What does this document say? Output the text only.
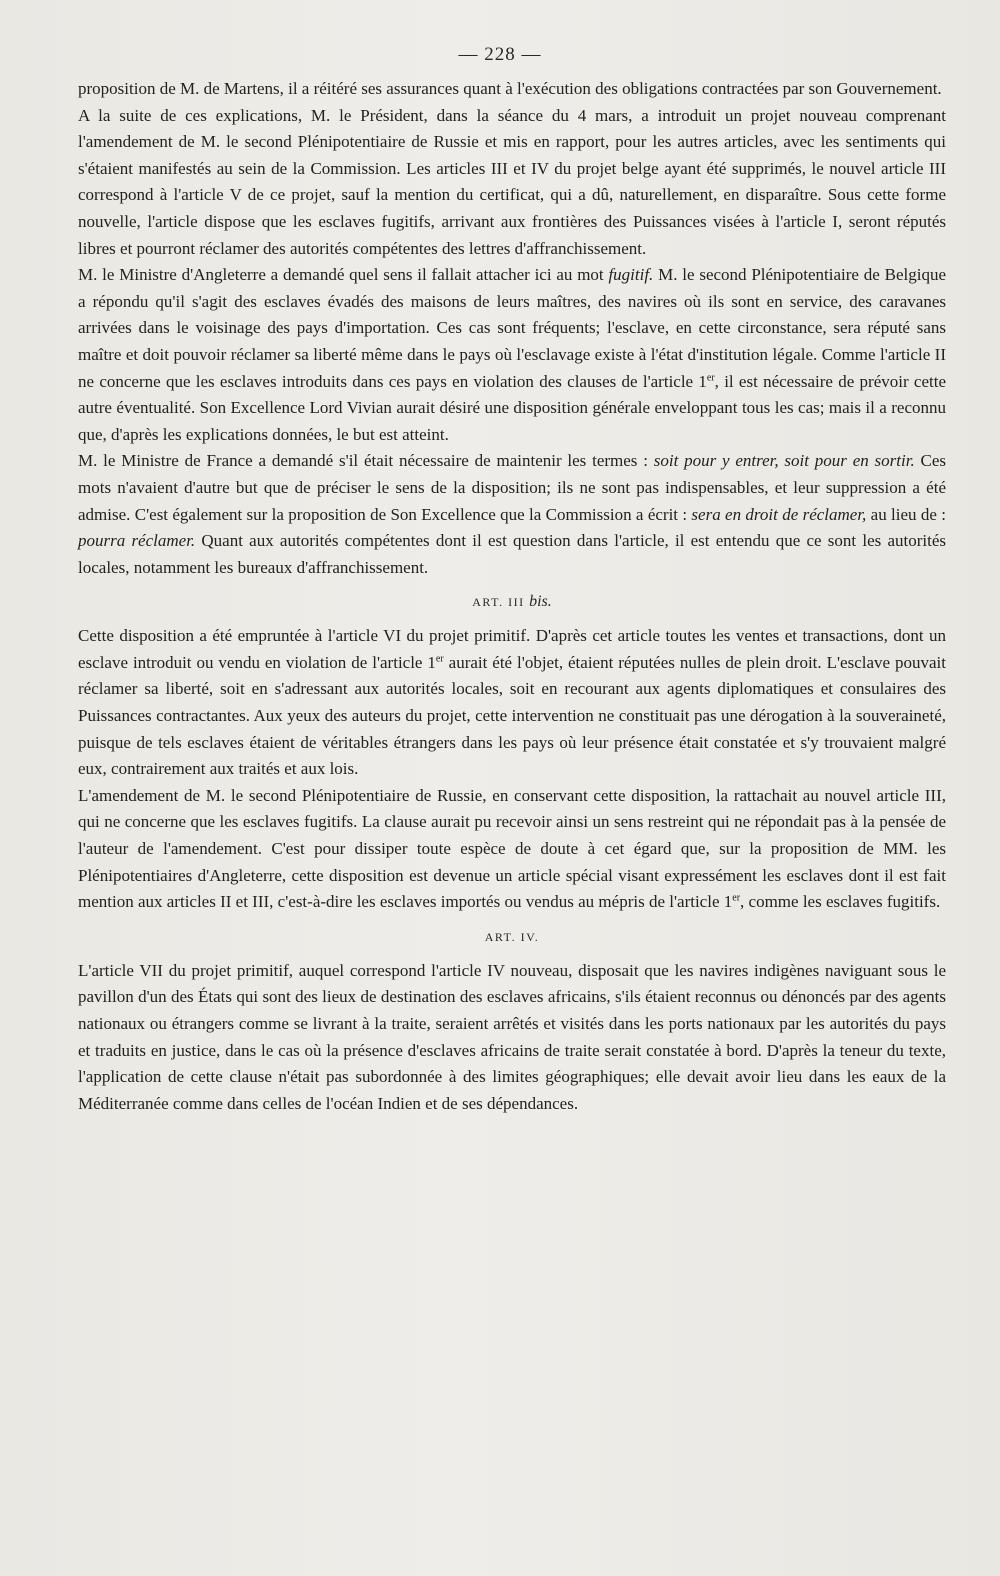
— 228 —

proposition de M. de Martens, il a réitéré ses assurances quant à l'exécution des obligations contractées par son Gouvernement.

A la suite de ces explications, M. le Président, dans la séance du 4 mars, a introduit un projet nouveau comprenant l'amendement de M. le second Plénipotentiaire de Russie et mis en rapport, pour les autres articles, avec les sentiments qui s'étaient manifestés au sein de la Commission. Les articles III et IV du projet belge ayant été supprimés, le nouvel article III correspond à l'article V de ce projet, sauf la mention du certificat, qui a dû, naturellement, en disparaître. Sous cette forme nouvelle, l'article dispose que les esclaves fugitifs, arrivant aux frontières des Puissances visées à l'article I, seront réputés libres et pourront réclamer des autorités compétentes des lettres d'affranchissement.

M. le Ministre d'Angleterre a demandé quel sens il fallait attacher ici au mot fugitif. M. le second Plénipotentiaire de Belgique a répondu qu'il s'agit des esclaves évadés des maisons de leurs maîtres, des navires où ils sont en service, des caravanes arrivées dans le voisinage des pays d'importation. Ces cas sont fréquents; l'esclave, en cette circonstance, sera réputé sans maître et doit pouvoir réclamer sa liberté même dans le pays où l'esclavage existe à l'état d'institution légale. Comme l'article II ne concerne que les esclaves introduits dans ces pays en violation des clauses de l'article 1er, il est nécessaire de prévoir cette autre éventualité. Son Excellence Lord Vivian aurait désiré une disposition générale enveloppant tous les cas; mais il a reconnu que, d'après les explications données, le but est atteint.

M. le Ministre de France a demandé s'il était nécessaire de maintenir les termes : soit pour y entrer, soit pour en sortir. Ces mots n'avaient d'autre but que de préciser le sens de la disposition; ils ne sont pas indispensables, et leur suppression a été admise. C'est également sur la proposition de Son Excellence que la Commission a écrit : sera en droit de réclamer, au lieu de : pourra réclamer. Quant aux autorités compétentes dont il est question dans l'article, il est entendu que ce sont les autorités locales, notamment les bureaux d'affranchissement.

ART. III bis.

Cette disposition a été empruntée à l'article VI du projet primitif. D'après cet article toutes les ventes et transactions, dont un esclave introduit ou vendu en violation de l'article 1er aurait été l'objet, étaient réputées nulles de plein droit. L'esclave pouvait réclamer sa liberté, soit en s'adressant aux autorités locales, soit en recourant aux agents diplomatiques et consulaires des Puissances contractantes. Aux yeux des auteurs du projet, cette intervention ne constituait pas une dérogation à la souveraineté, puisque de tels esclaves étaient de véritables étrangers dans les pays où leur présence était constatée et s'y trouvaient malgré eux, contrairement aux traités et aux lois.

L'amendement de M. le second Plénipotentiaire de Russie, en conservant cette disposition, la rattachait au nouvel article III, qui ne concerne que les esclaves fugitifs. La clause aurait pu recevoir ainsi un sens restreint qui ne répondait pas à la pensée de l'auteur de l'amendement. C'est pour dissiper toute espèce de doute à cet égard que, sur la proposition de MM. les Plénipotentiaires d'Angleterre, cette disposition est devenue un article spécial visant expressément les esclaves dont il est fait mention aux articles II et III, c'est-à-dire les esclaves importés ou vendus au mépris de l'article 1er, comme les esclaves fugitifs.

ART. IV.

L'article VII du projet primitif, auquel correspond l'article IV nouveau, disposait que les navires indigènes naviguant sous le pavillon d'un des États qui sont des lieux de destination des esclaves africains, s'ils étaient reconnus ou dénoncés par des agents nationaux ou étrangers comme se livrant à la traite, seraient arrêtés et visités dans les ports nationaux par les autorités du pays et traduits en justice, dans le cas où la présence d'esclaves africains de traite serait constatée à bord. D'après la teneur du texte, l'application de cette clause n'était pas subordonnée à des limites géographiques; elle devait avoir lieu dans les eaux de la Méditerranée comme dans celles de l'océan Indien et de ses dépendances.
